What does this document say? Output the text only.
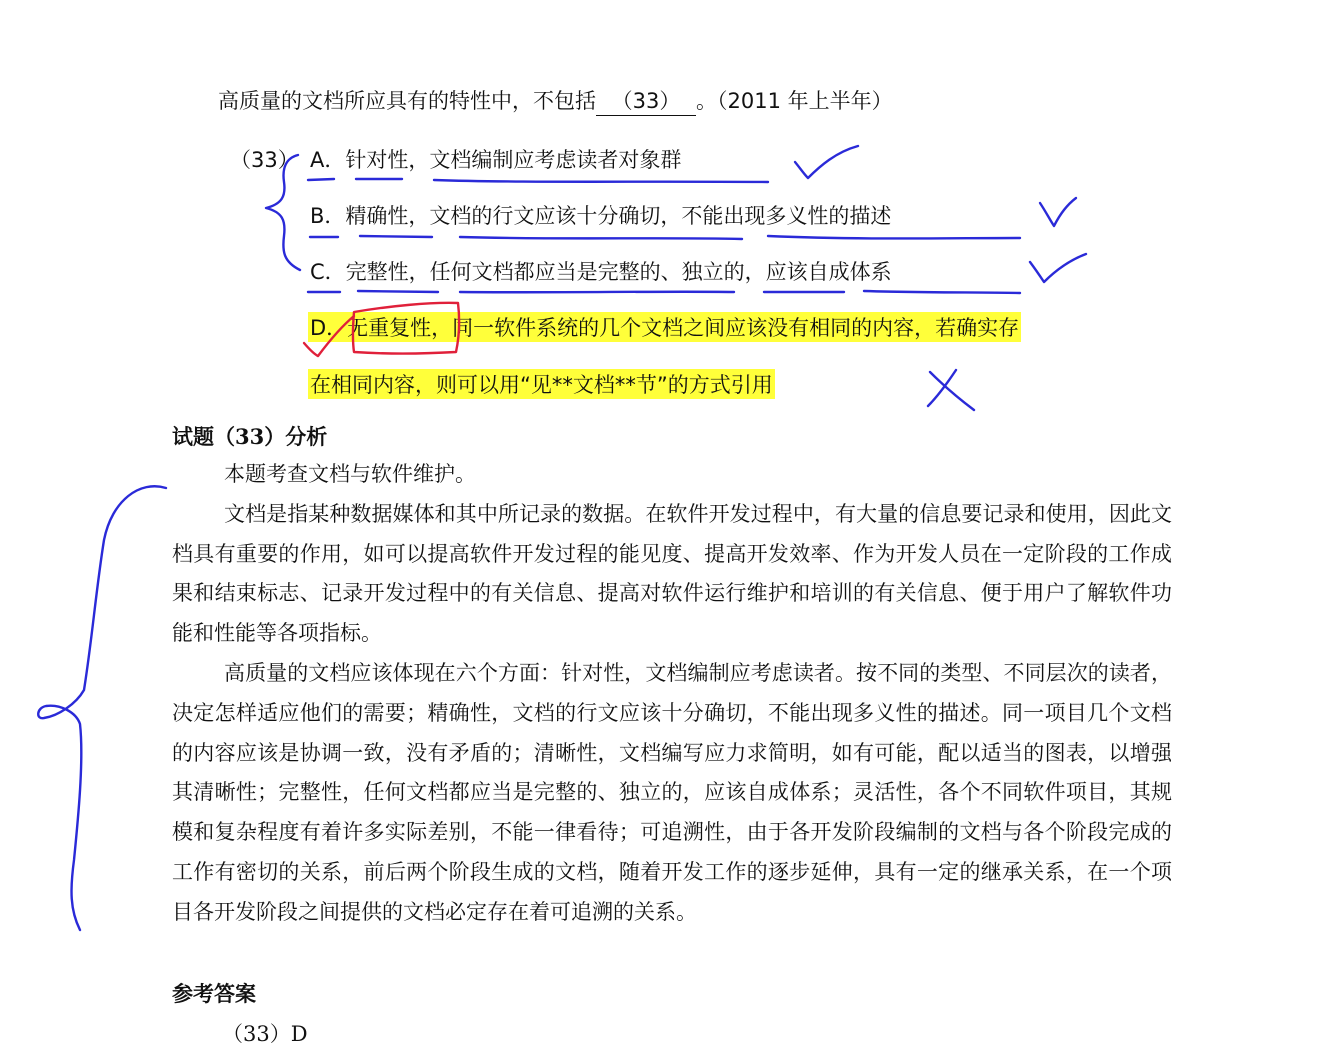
高质量的文档所应具有的特性中，不包括 （33） 。（2011 年上半年）
（33） A．针对性，文档编制应考虑读者对象群
B．精确性，文档的行文应该十分确切，不能出现多义性的描述
C．完整性，任何文档都应当是完整的、独立的，应该自成体系
D．无重复性，同一软件系统的几个文档之间应该没有相同的内容，若确实存
在相同内容，则可以用“见**文档**节”的方式引用
试题（33）分析

本题考查文档与软件维护。

文档是指某种数据媒体和其中所记录的数据。在软件开发过程中，有大量的信息要记录和使用，因此文档具有重要的作用，如可以提高软件开发过程的能见度、提高开发效率、作为开发人员在一定阶段的工作成果和结束标志、记录开发过程中的有关信息、提高对软件运行维护和培训的有关信息、便于用户了解软件功能和性能等各项指标。

高质量的文档应该体现在六个方面：针对性，文档编制应考虑读者。按不同的类型、不同层次的读者，决定怎样适应他们的需要；精确性，文档的行文应该十分确切，不能出现多义性的描述。同一项目几个文档的内容应该是协调一致，没有矛盾的；清晰性，文档编写应力求简明，如有可能，配以适当的图表，以增强其清晰性；完整性，任何文档都应当是完整的、独立的，应该自成体系；灵活性，各个不同软件项目，其规模和复杂程度有着许多实际差别，不能一律看待；可追溯性，由于各开发阶段编制的文档与各个阶段完成的工作有密切的关系，前后两个阶段生成的文档，随着开发工作的逐步延伸，具有一定的继承关系，在一个项目各开发阶段之间提供的文档必定存在着可追溯的关系。

参考答案
（33）D
